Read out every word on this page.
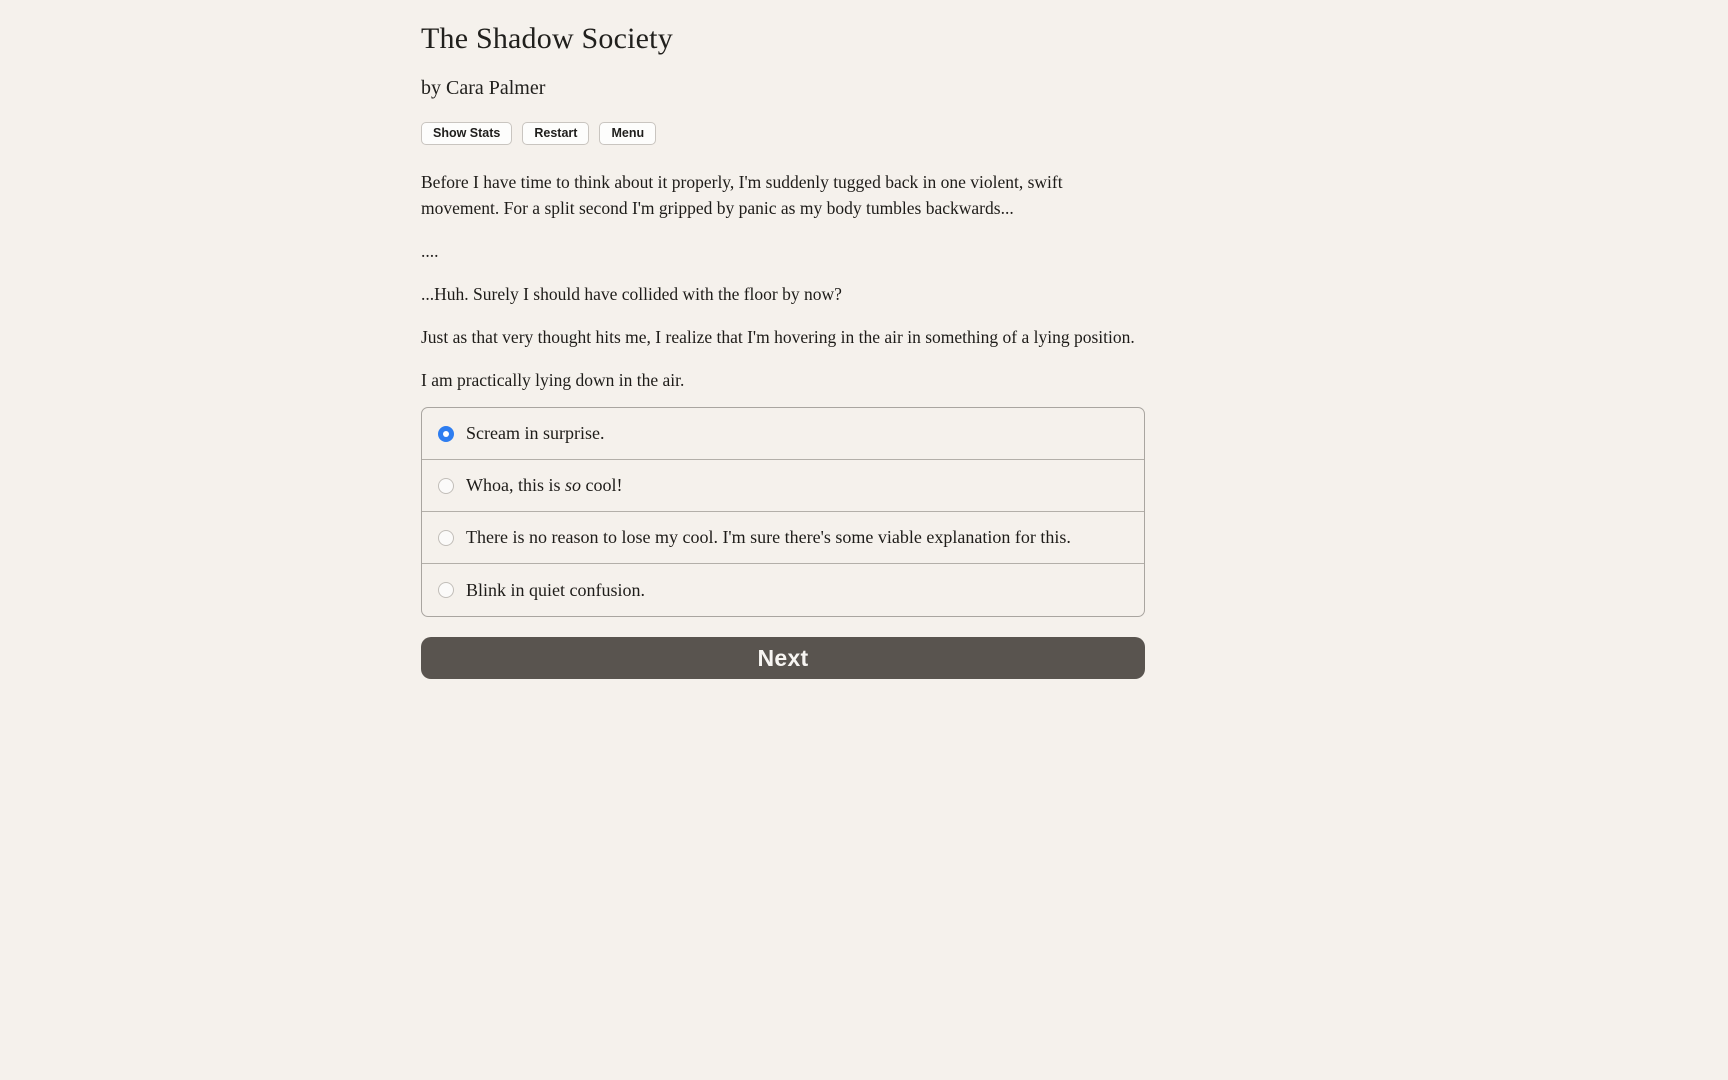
The Shadow Society
by Cara Palmer
Show Stats	Restart	Menu

Before I have time to think about it properly, I'm suddenly tugged back in one violent, swift movement. For a split second I'm gripped by panic as my body tumbles backwards...

....

...Huh. Surely I should have collided with the floor by now?

Just as that very thought hits me, I realize that I'm hovering in the air in something of a lying position.

I am practically lying down in the air.

Scream in surprise.
Whoa, this is so cool!
There is no reason to lose my cool. I'm sure there's some viable explanation for this.
Blink in quiet confusion.
Next
